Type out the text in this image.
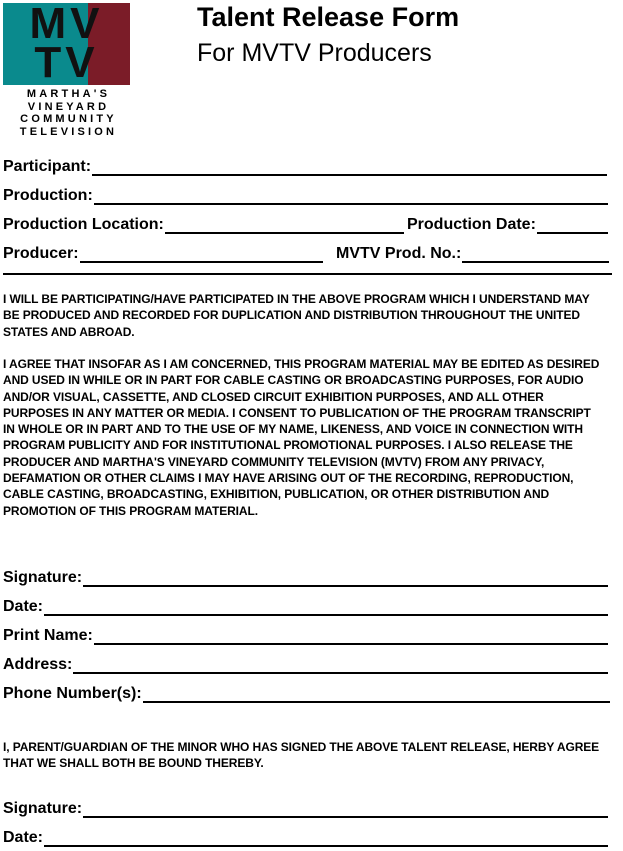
MV
TV
MARTHA'S
VINEYARD
COMMUNITY
TELEVISION
Talent Release Form
For MVTV Producers
Participant:
Production:
Production Location:	Production Date:
Producer:	MVTV Prod. No.:

I WILL BE PARTICIPATING/HAVE PARTICIPATED IN THE ABOVE PROGRAM WHICH I UNDERSTAND MAY BE PRODUCED AND RECORDED FOR DUPLICATION AND DISTRIBUTION THROUGHOUT THE UNITED STATES AND ABROAD.

I AGREE THAT INSOFAR AS I AM CONCERNED, THIS PROGRAM MATERIAL MAY BE EDITED AS DESIRED AND USED IN WHILE OR IN PART FOR CABLE CASTING OR BROADCASTING PURPOSES, FOR AUDIO AND/OR VISUAL, CASSETTE, AND CLOSED CIRCUIT EXHIBITION PURPOSES, AND ALL OTHER PURPOSES IN ANY MATTER OR MEDIA. I CONSENT TO PUBLICATION OF THE PROGRAM TRANSCRIPT IN WHOLE OR IN PART AND TO THE USE OF MY NAME, LIKENESS, AND VOICE IN CONNECTION WITH PROGRAM PUBLICITY AND FOR INSTITUTIONAL PROMOTIONAL PURPOSES. I ALSO RELEASE THE PRODUCER AND MARTHA'S VINEYARD COMMUNITY TELEVISION (MVTV) FROM ANY PRIVACY, DEFAMATION OR OTHER CLAIMS I MAY HAVE ARISING OUT OF THE RECORDING, REPRODUCTION, CABLE CASTING, BROADCASTING, EXHIBITION, PUBLICATION, OR OTHER DISTRIBUTION AND PROMOTION OF THIS PROGRAM MATERIAL.

Signature:
Date:
Print Name:
Address:
Phone Number(s):

I, PARENT/GUARDIAN OF THE MINOR WHO HAS SIGNED THE ABOVE TALENT RELEASE, HERBY AGREE THAT WE SHALL BOTH BE BOUND THEREBY.

Signature:
Date:
